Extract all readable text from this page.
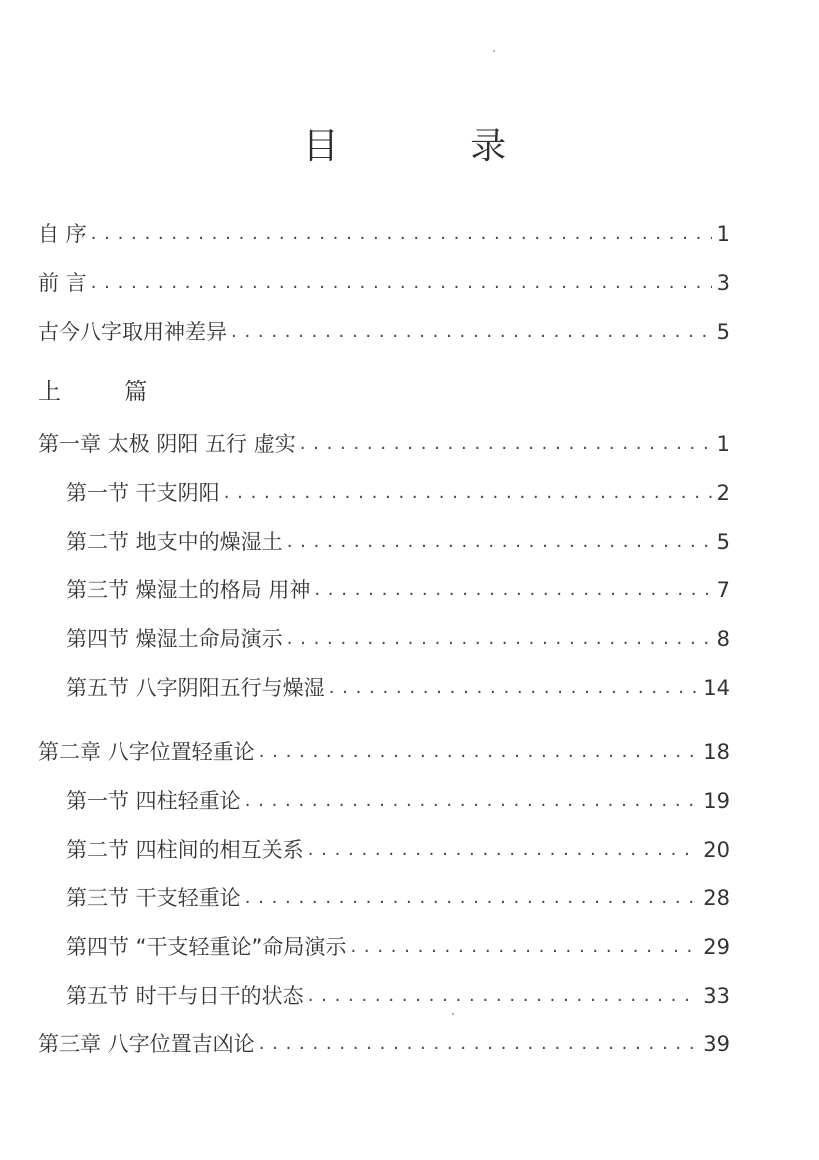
目 录
自 序 . . .	1
前 言 . . .	3
古今八字取用神差异 . . .	5
上 篇
第一章 太极 阴阳 五行 虚实 . . .	1
第一节 干支阴阳 . . .	2
第二节 地支中的燥湿土 . . .	5
第三节 燥湿土的格局 用神 . . .	7
第四节 燥湿土命局演示 . . .	8
第五节 八字阴阳五行与燥湿 . . .	14
第二章 八字位置轻重论 . . .	18
第一节 四柱轻重论 . . .	19
第二节 四柱间的相互关系 . . .	20
第三节 干支轻重论 . . .	28
第四节 “干支轻重论”命局演示 . . .	29
第五节 时干与日干的状态 . . .	33
第三章 八字位置吉凶论 . . .	39
